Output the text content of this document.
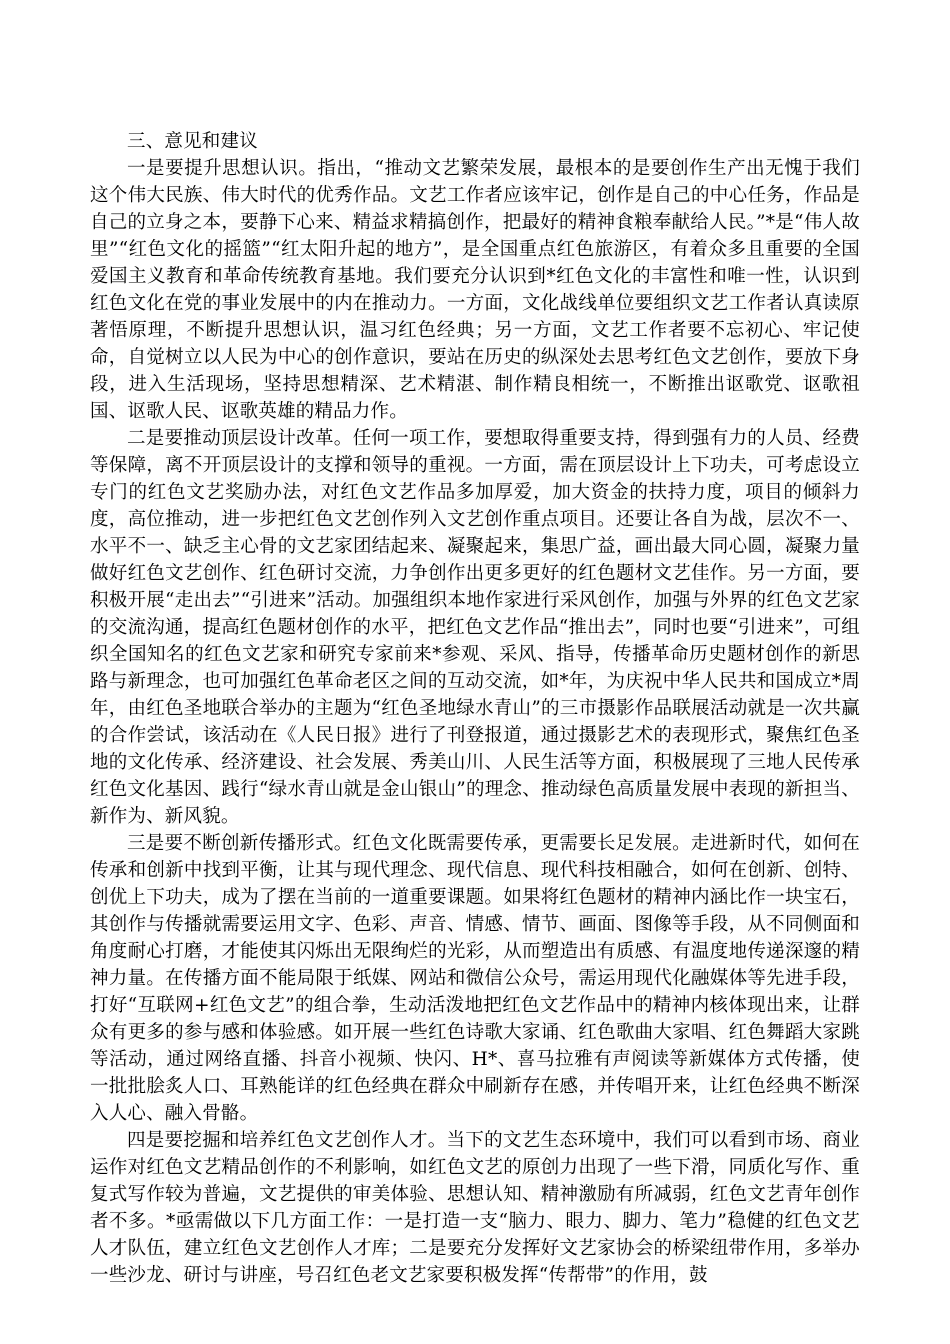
三、意见和建议

一是要提升思想认识。指出，“推动文艺繁荣发展，最根本的是要创作生产出无愧于我们这个伟大民族、伟大时代的优秀作品。文艺工作者应该牢记，创作是自己的中心任务，作品是自己的立身之本，要静下心来、精益求精搞创作，把最好的精神食粮奉献给人民。”*是“伟人故里”“红色文化的摇篮”“红太阳升起的地方”，是全国重点红色旅游区，有着众多且重要的全国爱国主义教育和革命传统教育基地。我们要充分认识到*红色文化的丰富性和唯一性，认识到红色文化在党的事业发展中的内在推动力。一方面，文化战线单位要组织文艺工作者认真读原著悟原理，不断提升思想认识，温习红色经典；另一方面，文艺工作者要不忘初心、牢记使命，自觉树立以人民为中心的创作意识，要站在历史的纵深处去思考红色文艺创作，要放下身段，进入生活现场，坚持思想精深、艺术精湛、制作精良相统一，不断推出讴歌党、讴歌祖国、讴歌人民、讴歌英雄的精品力作。

二是要推动顶层设计改革。任何一项工作，要想取得重要支持，得到强有力的人员、经费等保障，离不开顶层设计的支撑和领导的重视。一方面，需在顶层设计上下功夫，可考虑设立专门的红色文艺奖励办法，对红色文艺作品多加厚爱，加大资金的扶持力度，项目的倾斜力度，高位推动，进一步把红色文艺创作列入文艺创作重点项目。还要让各自为战，层次不一、水平不一、缺乏主心骨的文艺家团结起来、凝聚起来，集思广益，画出最大同心圆，凝聚力量做好红色文艺创作、红色研讨交流，力争创作出更多更好的红色题材文艺佳作。另一方面，要积极开展“走出去”“引进来”活动。加强组织本地作家进行采风创作，加强与外界的红色文艺家的交流沟通，提高红色题材创作的水平，把红色文艺作品“推出去”，同时也要“引进来”，可组织全国知名的红色文艺家和研究专家前来*参观、采风、指导，传播革命历史题材创作的新思路与新理念，也可加强红色革命老区之间的互动交流，如*年，为庆祝中华人民共和国成立*周年，由红色圣地联合举办的主题为“红色圣地绿水青山”的三市摄影作品联展活动就是一次共赢的合作尝试，该活动在《人民日报》进行了刊登报道，通过摄影艺术的表现形式，聚焦红色圣地的文化传承、经济建设、社会发展、秀美山川、人民生活等方面，积极展现了三地人民传承红色文化基因、践行“绿水青山就是金山银山”的理念、推动绿色高质量发展中表现的新担当、新作为、新风貌。

三是要不断创新传播形式。红色文化既需要传承，更需要长足发展。走进新时代，如何在传承和创新中找到平衡，让其与现代理念、现代信息、现代科技相融合，如何在创新、创特、创优上下功夫，成为了摆在当前的一道重要课题。如果将红色题材的精神内涵比作一块宝石，其创作与传播就需要运用文字、色彩、声音、情感、情节、画面、图像等手段，从不同侧面和角度耐心打磨，才能使其闪烁出无限绚烂的光彩，从而塑造出有质感、有温度地传递深邃的精神力量。在传播方面不能局限于纸媒、网站和微信公众号，需运用现代化融媒体等先进手段，打好“互联网+红色文艺”的组合拳，生动活泼地把红色文艺作品中的精神内核体现出来，让群众有更多的参与感和体验感。如开展一些红色诗歌大家诵、红色歌曲大家唱、红色舞蹈大家跳等活动，通过网络直播、抖音小视频、快闪、H*、喜马拉雅有声阅读等新媒体方式传播，使一批批脍炙人口、耳熟能详的红色经典在群众中刷新存在感，并传唱开来，让红色经典不断深入人心、融入骨骼。

四是要挖掘和培养红色文艺创作人才。当下的文艺生态环境中，我们可以看到市场、商业运作对红色文艺精品创作的不利影响，如红色文艺的原创力出现了一些下滑，同质化写作、重复式写作较为普遍，文艺提供的审美体验、思想认知、精神激励有所减弱，红色文艺青年创作者不多。*亟需做以下几方面工作：一是打造一支“脑力、眼力、脚力、笔力”稳健的红色文艺人才队伍，建立红色文艺创作人才库；二是要充分发挥好文艺家协会的桥梁纽带作用，多举办一些沙龙、研讨与讲座，号召红色老文艺家要积极发挥“传帮带”的作用，鼓
